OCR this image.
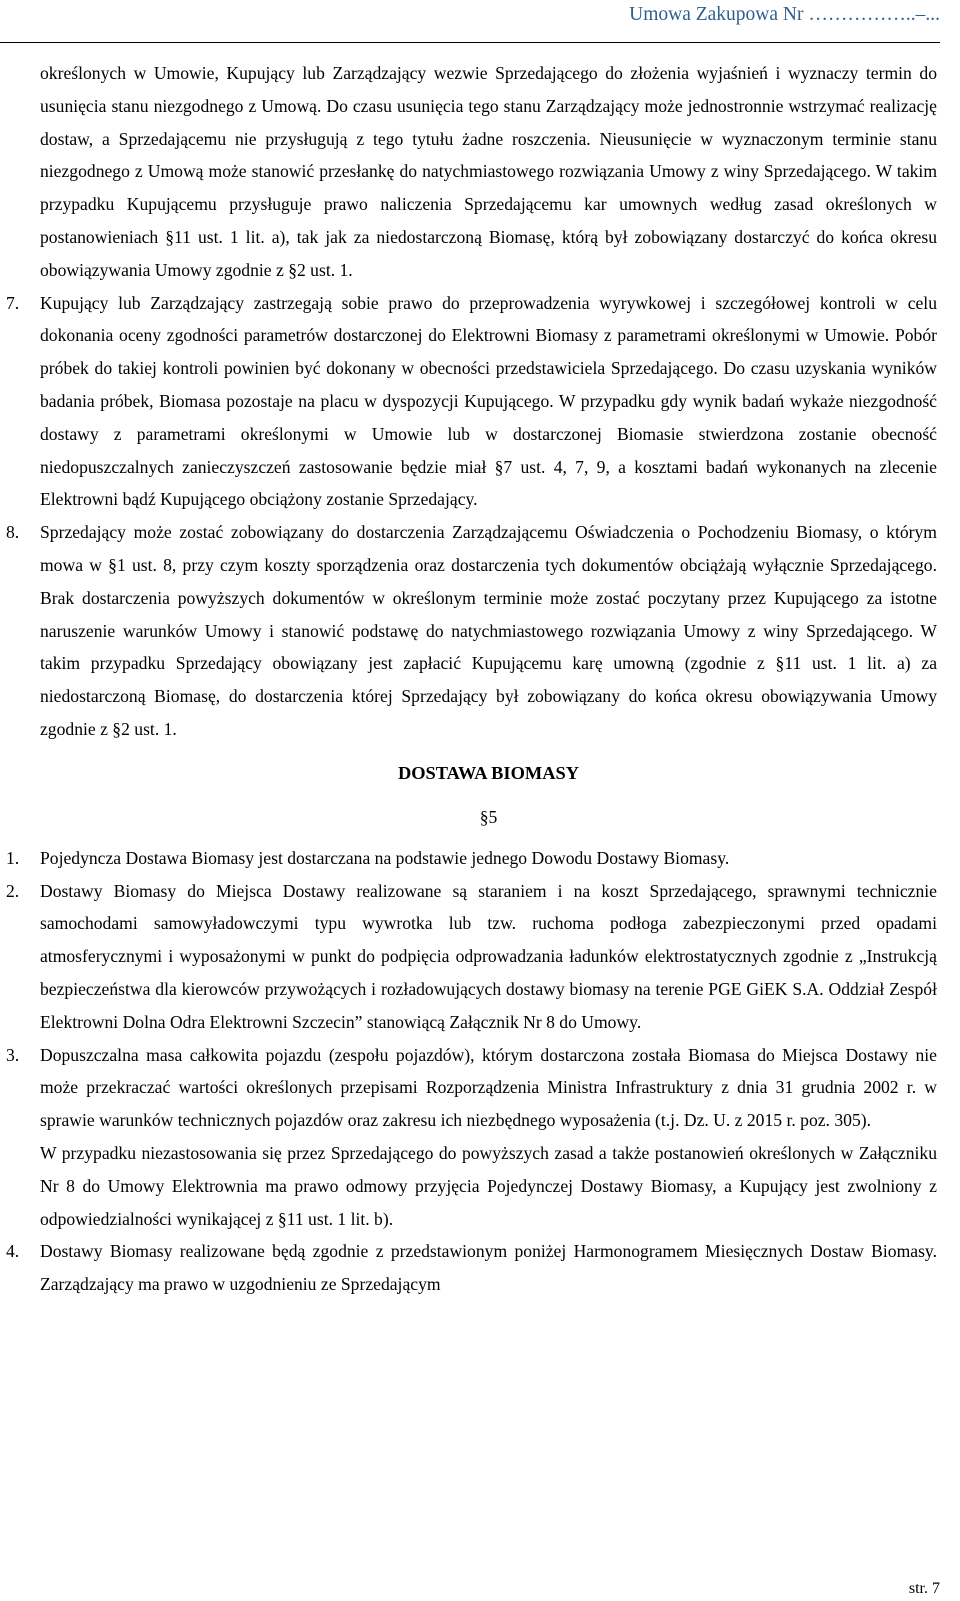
Umowa Zakupowa Nr ……………..–...

określonych w Umowie, Kupujący lub Zarządzający wezwie Sprzedającego do złożenia wyjaśnień i wyznaczy termin do usunięcia stanu niezgodnego z Umową. Do czasu usunięcia tego stanu Zarządzający może jednostronnie wstrzymać realizację dostaw, a Sprzedającemu nie przysługują z tego tytułu żadne roszczenia. Nieusunięcie w wyznaczonym terminie stanu niezgodnego z Umową może stanowić przesłankę do natychmiastowego rozwiązania Umowy z winy Sprzedającego. W takim przypadku Kupującemu przysługuje prawo naliczenia Sprzedającemu kar umownych według zasad określonych w postanowieniach §11 ust. 1 lit. a), tak jak za niedostarczoną Biomasę, którą był zobowiązany dostarczyć do końca okresu obowiązywania Umowy zgodnie z §2 ust. 1.

7. Kupujący lub Zarządzający zastrzegają sobie prawo do przeprowadzenia wyrywkowej i szczegółowej kontroli w celu dokonania oceny zgodności parametrów dostarczonej do Elektrowni Biomasy z parametrami określonymi w Umowie. Pobór próbek do takiej kontroli powinien być dokonany w obecności przedstawiciela Sprzedającego. Do czasu uzyskania wyników badania próbek, Biomasa pozostaje na placu w dyspozycji Kupującego. W przypadku gdy wynik badań wykaże niezgodność dostawy z parametrami określonymi w Umowie lub w dostarczonej Biomasie stwierdzona zostanie obecność niedopuszczalnych zanieczyszczeń zastosowanie będzie miał §7 ust. 4, 7, 9, a kosztami badań wykonanych na zlecenie Elektrowni bądź Kupującego obciążony zostanie Sprzedający.

8. Sprzedający może zostać zobowiązany do dostarczenia Zarządzającemu Oświadczenia o Pochodzeniu Biomasy, o którym mowa w §1 ust. 8, przy czym koszty sporządzenia oraz dostarczenia tych dokumentów obciążają wyłącznie Sprzedającego. Brak dostarczenia powyższych dokumentów w określonym terminie może zostać poczytany przez Kupującego za istotne naruszenie warunków Umowy i stanowić podstawę do natychmiastowego rozwiązania Umowy z winy Sprzedającego. W takim przypadku Sprzedający obowiązany jest zapłacić Kupującemu karę umowną (zgodnie z §11 ust. 1 lit. a) za niedostarczoną Biomasę, do dostarczenia której Sprzedający był zobowiązany do końca okresu obowiązywania Umowy zgodnie z §2 ust. 1.

DOSTAWA BIOMASY
§5
1. Pojedyncza Dostawa Biomasy jest dostarczana na podstawie jednego Dowodu Dostawy Biomasy.

2. Dostawy Biomasy do Miejsca Dostawy realizowane są staraniem i na koszt Sprzedającego, sprawnymi technicznie samochodami samowyładowczymi typu wywrotka lub tzw. ruchoma podłoga zabezpieczonymi przed opadami atmosferycznymi i wyposażonymi w punkt do podpięcia odprowadzania ładunków elektrostatycznych zgodnie z „Instrukcją bezpieczeństwa dla kierowców przywożących i rozładowujących dostawy biomasy na terenie PGE GiEK S.A. Oddział Zespół Elektrowni Dolna Odra Elektrowni Szczecin” stanowiącą Załącznik Nr 8 do Umowy.

3. Dopuszczalna masa całkowita pojazdu (zespołu pojazdów), którym dostarczona została Biomasa do Miejsca Dostawy nie może przekraczać wartości określonych przepisami Rozporządzenia Ministra Infrastruktury z dnia 31 grudnia 2002 r. w sprawie warunków technicznych pojazdów oraz zakresu ich niezbędnego wyposażenia (t.j. Dz. U. z 2015 r. poz. 305).

W przypadku niezastosowania się przez Sprzedającego do powyższych zasad a także postanowień określonych w Załączniku Nr 8 do Umowy Elektrownia ma prawo odmowy przyjęcia Pojedynczej Dostawy Biomasy, a Kupujący jest zwolniony z odpowiedzialności wynikającej z §11 ust. 1 lit. b).

4. Dostawy Biomasy realizowane będą zgodnie z przedstawionym poniżej Harmonogramem Miesięcznych Dostaw Biomasy. Zarządzający ma prawo w uzgodnieniu ze Sprzedającym

str. 7
